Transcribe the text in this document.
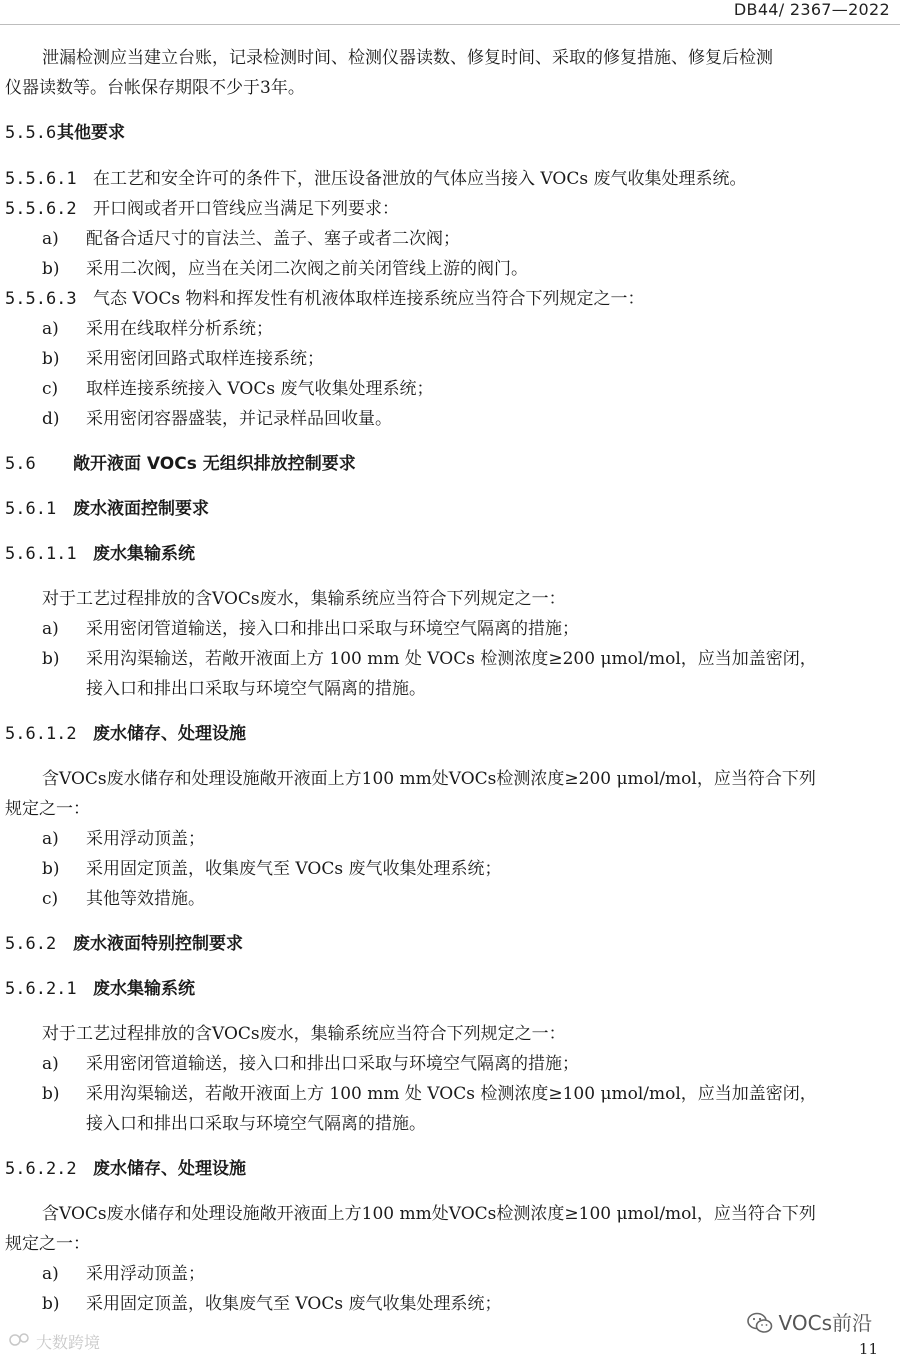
DB44/ 2367—2022
泄漏检测应当建立台账，记录检测时间、检测仪器读数、修复时间、采取的修复措施、修复后检测
仪器读数等。台帐保存期限不少于3年。
5.5.6其他要求
5.5.6.1 在工艺和安全许可的条件下，泄压设备泄放的气体应当接入 VOCs 废气收集处理系统。
5.5.6.2 开口阀或者开口管线应当满足下列要求：
a) 配备合适尺寸的盲法兰、盖子、塞子或者二次阀；
b) 采用二次阀，应当在关闭二次阀之前关闭管线上游的阀门。
5.5.6.3 气态 VOCs 物料和挥发性有机液体取样连接系统应当符合下列规定之一：
a) 采用在线取样分析系统；
b) 采用密闭回路式取样连接系统；
c) 取样连接系统接入 VOCs 废气收集处理系统；
d) 采用密闭容器盛装，并记录样品回收量。
5.6 敞开液面 VOCs 无组织排放控制要求
5.6.1 废水液面控制要求
5.6.1.1 废水集输系统
对于工艺过程排放的含VOCs废水，集输系统应当符合下列规定之一：
a) 采用密闭管道输送，接入口和排出口采取与环境空气隔离的措施；
b) 采用沟渠输送，若敞开液面上方 100 mm 处 VOCs 检测浓度≥200 μmol/mol，应当加盖密闭，
接入口和排出口采取与环境空气隔离的措施。
5.6.1.2 废水储存、处理设施
含VOCs废水储存和处理设施敞开液面上方100 mm处VOCs检测浓度≥200 μmol/mol，应当符合下列
规定之一：
a) 采用浮动顶盖；
b) 采用固定顶盖，收集废气至 VOCs 废气收集处理系统；
c) 其他等效措施。
5.6.2 废水液面特别控制要求
5.6.2.1 废水集输系统
对于工艺过程排放的含VOCs废水，集输系统应当符合下列规定之一：
a) 采用密闭管道输送，接入口和排出口采取与环境空气隔离的措施；
b) 采用沟渠输送，若敞开液面上方 100 mm 处 VOCs 检测浓度≥100 μmol/mol，应当加盖密闭，
接入口和排出口采取与环境空气隔离的措施。
5.6.2.2 废水储存、处理设施
含VOCs废水储存和处理设施敞开液面上方100 mm处VOCs检测浓度≥100 μmol/mol，应当符合下列
规定之一：
a) 采用浮动顶盖；
b) 采用固定顶盖，收集废气至 VOCs 废气收集处理系统；
大数跨境
VOCs前沿
11
